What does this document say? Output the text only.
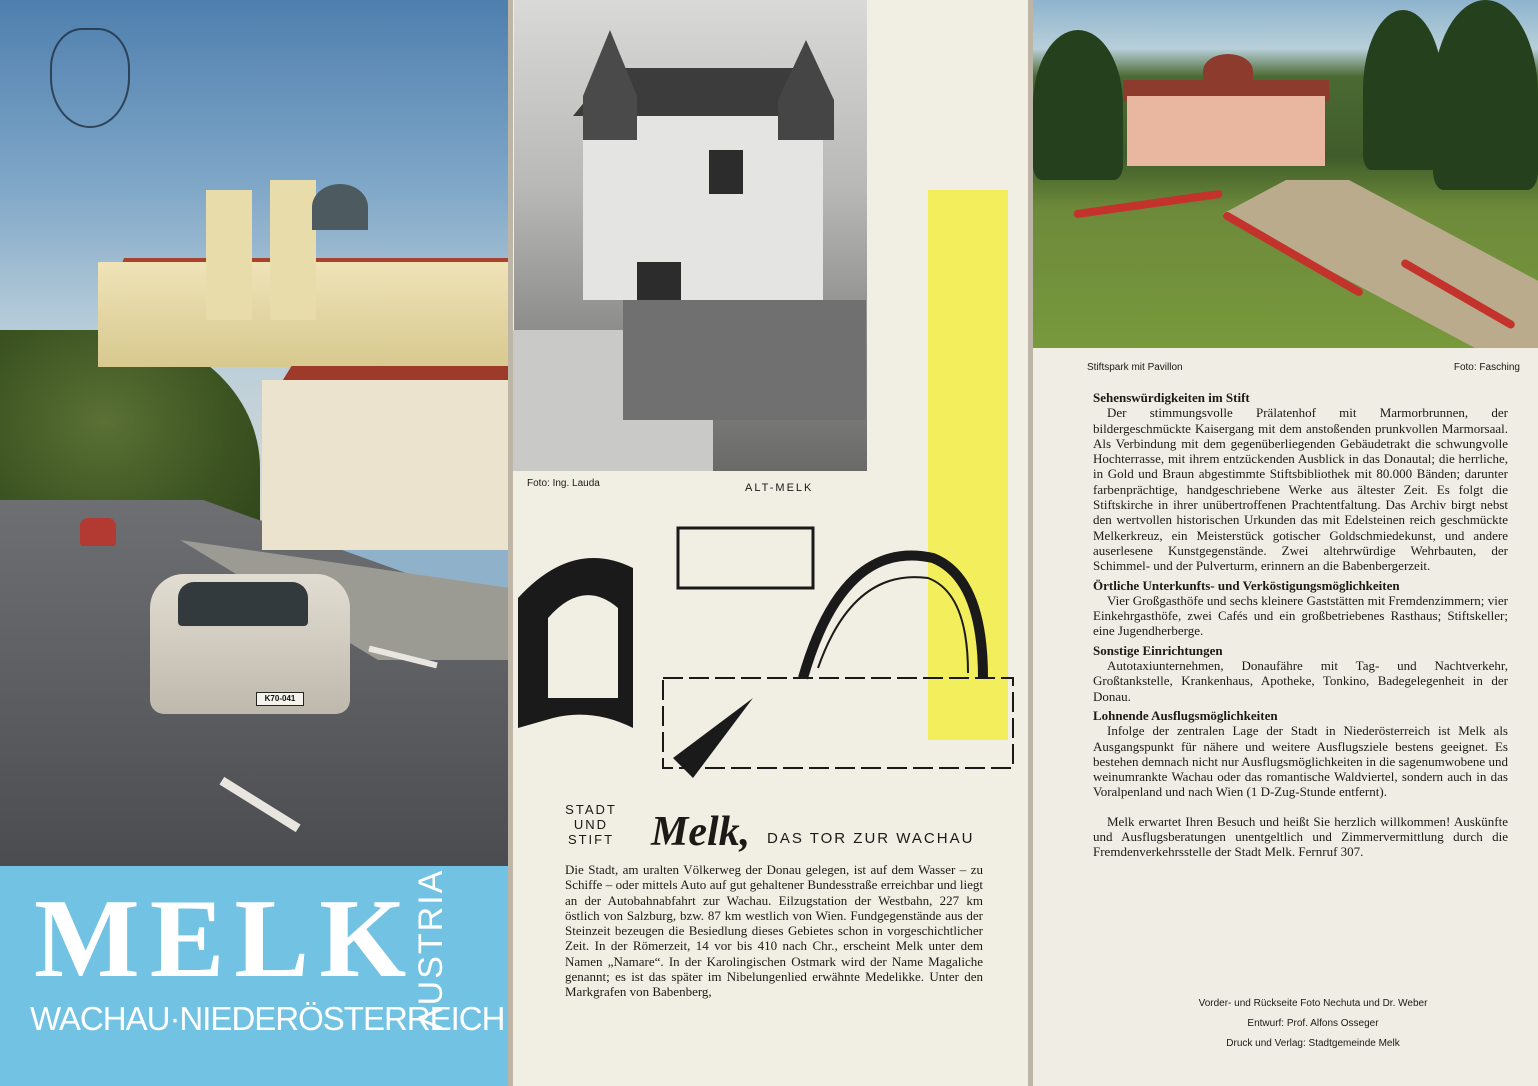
K70-041
MELK
WACHAU·NIEDERÖSTERREICH
AUSTRIA
Foto: Ing. Lauda	ALT-MELK
STADT
UND
STIFT Melk, DAS TOR ZUR WACHAU
Die Stadt, am uralten Völkerweg der Donau gelegen, ist auf dem Wasser – zu Schiffe – oder mittels Auto auf gut gehaltener Bundesstraße erreichbar und liegt an der Autobahnabfahrt zur Wachau. Eilzugstation der Westbahn, 227 km östlich von Salzburg, bzw. 87 km westlich von Wien. Fundgegenstände aus der Steinzeit bezeugen die Besiedlung dieses Gebietes schon in vorgeschichtlicher Zeit. In der Römerzeit, 14 vor bis 410 nach Chr., erscheint Melk unter dem Namen „Namare“. In der Karolingischen Ostmark wird der Name Magaliche genannt; es ist das später im Nibelungenlied erwähnte Medelikke. Unter den Markgrafen von Babenberg,
Stiftspark mit Pavillon	Foto: Fasching
Sehenswürdigkeiten im Stift

Der stimmungsvolle Prälatenhof mit Marmorbrunnen, der bildergeschmückte Kaisergang mit dem anstoßenden prunkvollen Marmorsaal. Als Verbindung mit dem gegenüberliegenden Gebäudetrakt die schwungvolle Hochterrasse, mit ihrem entzückenden Ausblick in das Donautal; die herrliche, in Gold und Braun abgestimmte Stiftsbibliothek mit 80.000 Bänden; darunter farbenprächtige, handgeschriebene Werke aus ältester Zeit. Es folgt die Stiftskirche in ihrer unübertroffenen Prachtentfaltung. Das Archiv birgt nebst den wertvollen historischen Urkunden das mit Edelsteinen reich geschmückte Melkerkreuz, ein Meisterstück gotischer Goldschmiedekunst, und andere auserlesene Kunstgegenstände. Zwei altehrwürdige Wehrbauten, der Schimmel- und der Pulverturm, erinnern an die Babenbergerzeit.

Örtliche Unterkunfts- und Verköstigungsmöglichkeiten

Vier Großgasthöfe und sechs kleinere Gaststätten mit Fremdenzimmern; vier Einkehrgasthöfe, zwei Cafés und ein großbetriebenes Rasthaus; Stiftskeller; eine Jugendherberge.

Sonstige Einrichtungen

Autotaxiunternehmen, Donaufähre mit Tag- und Nachtverkehr, Großtankstelle, Krankenhaus, Apotheke, Tonkino, Badegelegenheit in der Donau.

Lohnende Ausflugsmöglichkeiten

Infolge der zentralen Lage der Stadt in Niederösterreich ist Melk als Ausgangspunkt für nähere und weitere Ausflugsziele bestens geeignet. Es bestehen demnach nicht nur Ausflugsmöglichkeiten in die sagenumwobene und weinumrankte Wachau oder das romantische Waldviertel, sondern auch in das Voralpenland und nach Wien (1 D-Zug-Stunde entfernt).

Melk erwartet Ihren Besuch und heißt Sie herzlich willkommen! Auskünfte und Ausflugsberatungen unentgeltlich und Zimmervermittlung durch die Fremdenverkehrsstelle der Stadt Melk. Fernruf 307.

Vorder- und Rückseite Foto Nechuta und Dr. Weber
Entwurf: Prof. Alfons Osseger
Druck und Verlag: Stadtgemeinde Melk
